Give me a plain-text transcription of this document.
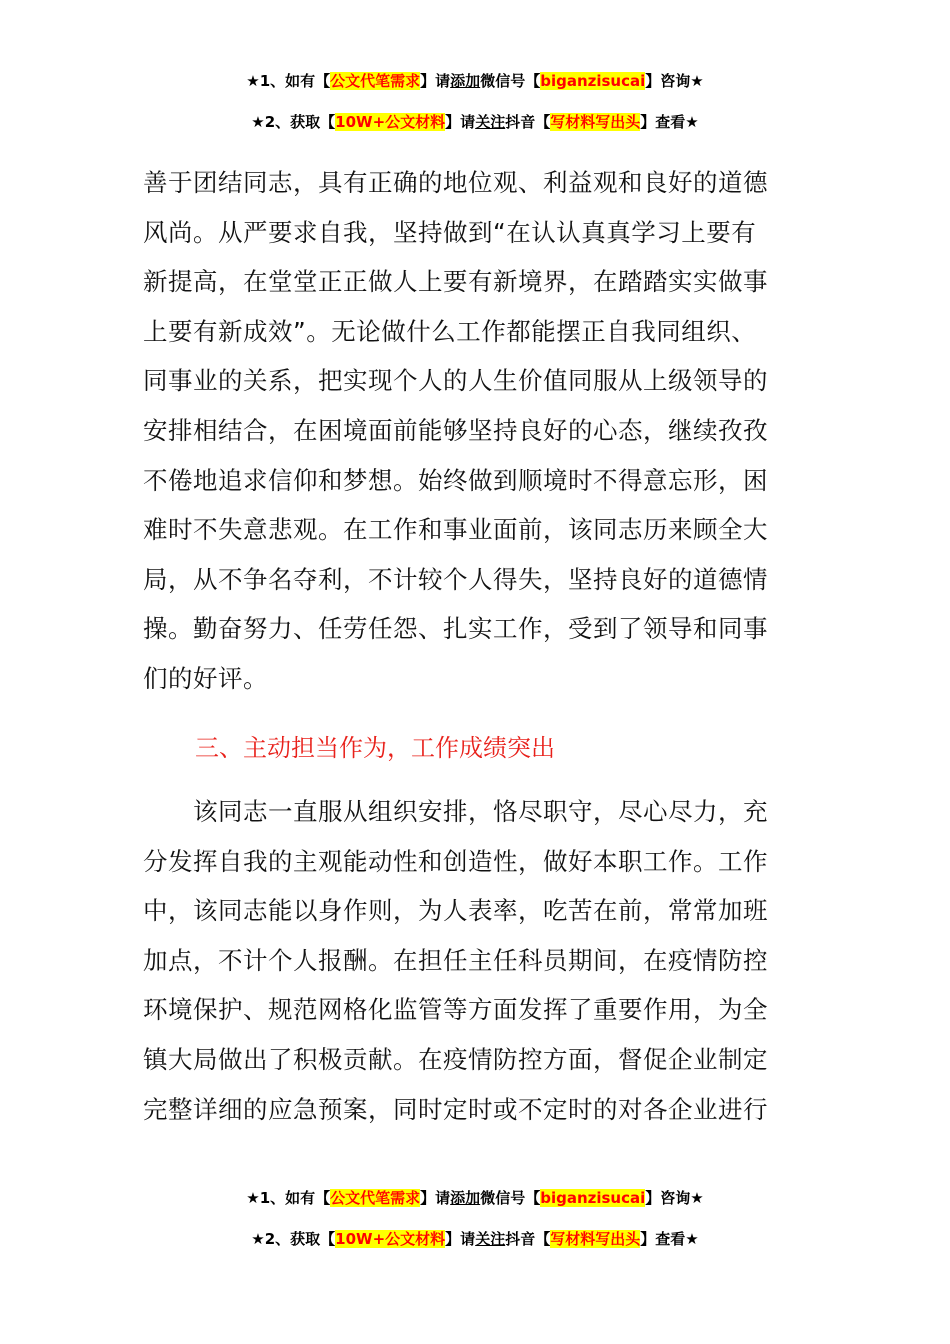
★1、如有【公文代笔需求】请添加微信号【biganzisucai】咨询★
★2、获取【10W+公文材料】请关注抖音【写材料写出头】查看★
善于团结同志，具有正确的地位观、利益观和良好的道德
风尚。从严要求自我，坚持做到“在认认真真学习上要有
新提高，在堂堂正正做人上要有新境界，在踏踏实实做事
上要有新成效”。无论做什么工作都能摆正自我同组织、
同事业的关系，把实现个人的人生价值同服从上级领导的
安排相结合，在困境面前能够坚持良好的心态，继续孜孜
不倦地追求信仰和梦想。始终做到顺境时不得意忘形，困
难时不失意悲观。在工作和事业面前，该同志历来顾全大
局，从不争名夺利，不计较个人得失，坚持良好的道德情
操。勤奋努力、任劳任怨、扎实工作，受到了领导和同事
们的好评。
三、主动担当作为，工作成绩突出
　　该同志一直服从组织安排，恪尽职守，尽心尽力，充
分发挥自我的主观能动性和创造性，做好本职工作。工作
中，该同志能以身作则，为人表率，吃苦在前，常常加班
加点，不计个人报酬。在担任主任科员期间，在疫情防控
环境保护、规范网格化监管等方面发挥了重要作用，为全
镇大局做出了积极贡献。在疫情防控方面，督促企业制定
完整详细的应急预案，同时定时或不定时的对各企业进行
★1、如有【公文代笔需求】请添加微信号【biganzisucai】咨询★
★2、获取【10W+公文材料】请关注抖音【写材料写出头】查看★
